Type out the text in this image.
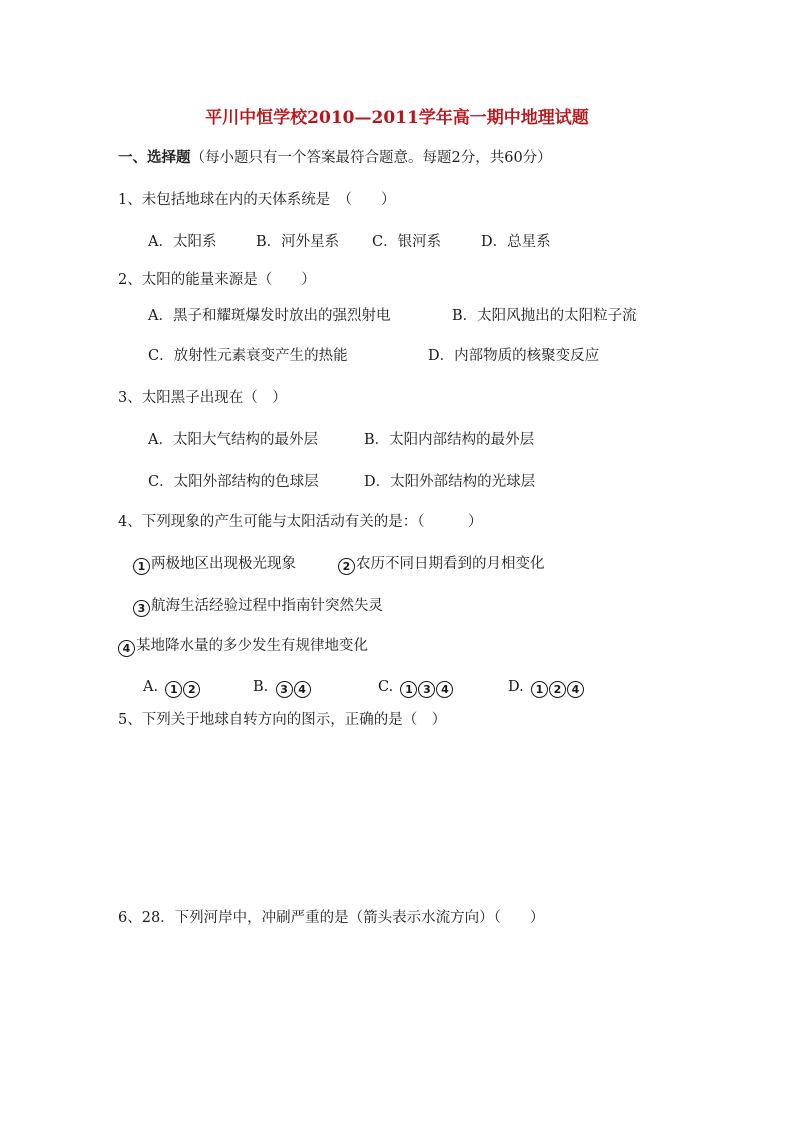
平川中恒学校2010—2011学年高一期中地理试题
一、选择题（每小题只有一个答案最符合题意。每题2分，共60分）
1、未包括地球在内的天体系统是　（　　）
A．太阳系	B．河外星系 C．银河系	D．总星系
2、太阳的能量来源是（　　）
A．黑子和耀斑爆发时放出的强烈射电	B．太阳风抛出的太阳粒子流
C．放射性元素衰变产生的热能	D．内部物质的核聚变反应
3、太阳黑子出现在（　）
A．太阳大气结构的最外层	B．太阳内部结构的最外层
C．太阳外部结构的色球层	D．太阳外部结构的光球层
4、下列现象的产生可能与太阳活动有关的是：（　　　）
1 两极地区出现极光现象	2 农历不同日期看到的月相变化
3 航海生活经验过程中指南针突然失灵
4 某地降水量的多少发生有规律地变化
A.  1 2	B.  3 4	C.  1 3 4	D.  1 2 4
5、下列关于地球自转方向的图示，正确的是（　）
6、28．下列河岸中，冲刷严重的是（箭头表示水流方向）（　　）
